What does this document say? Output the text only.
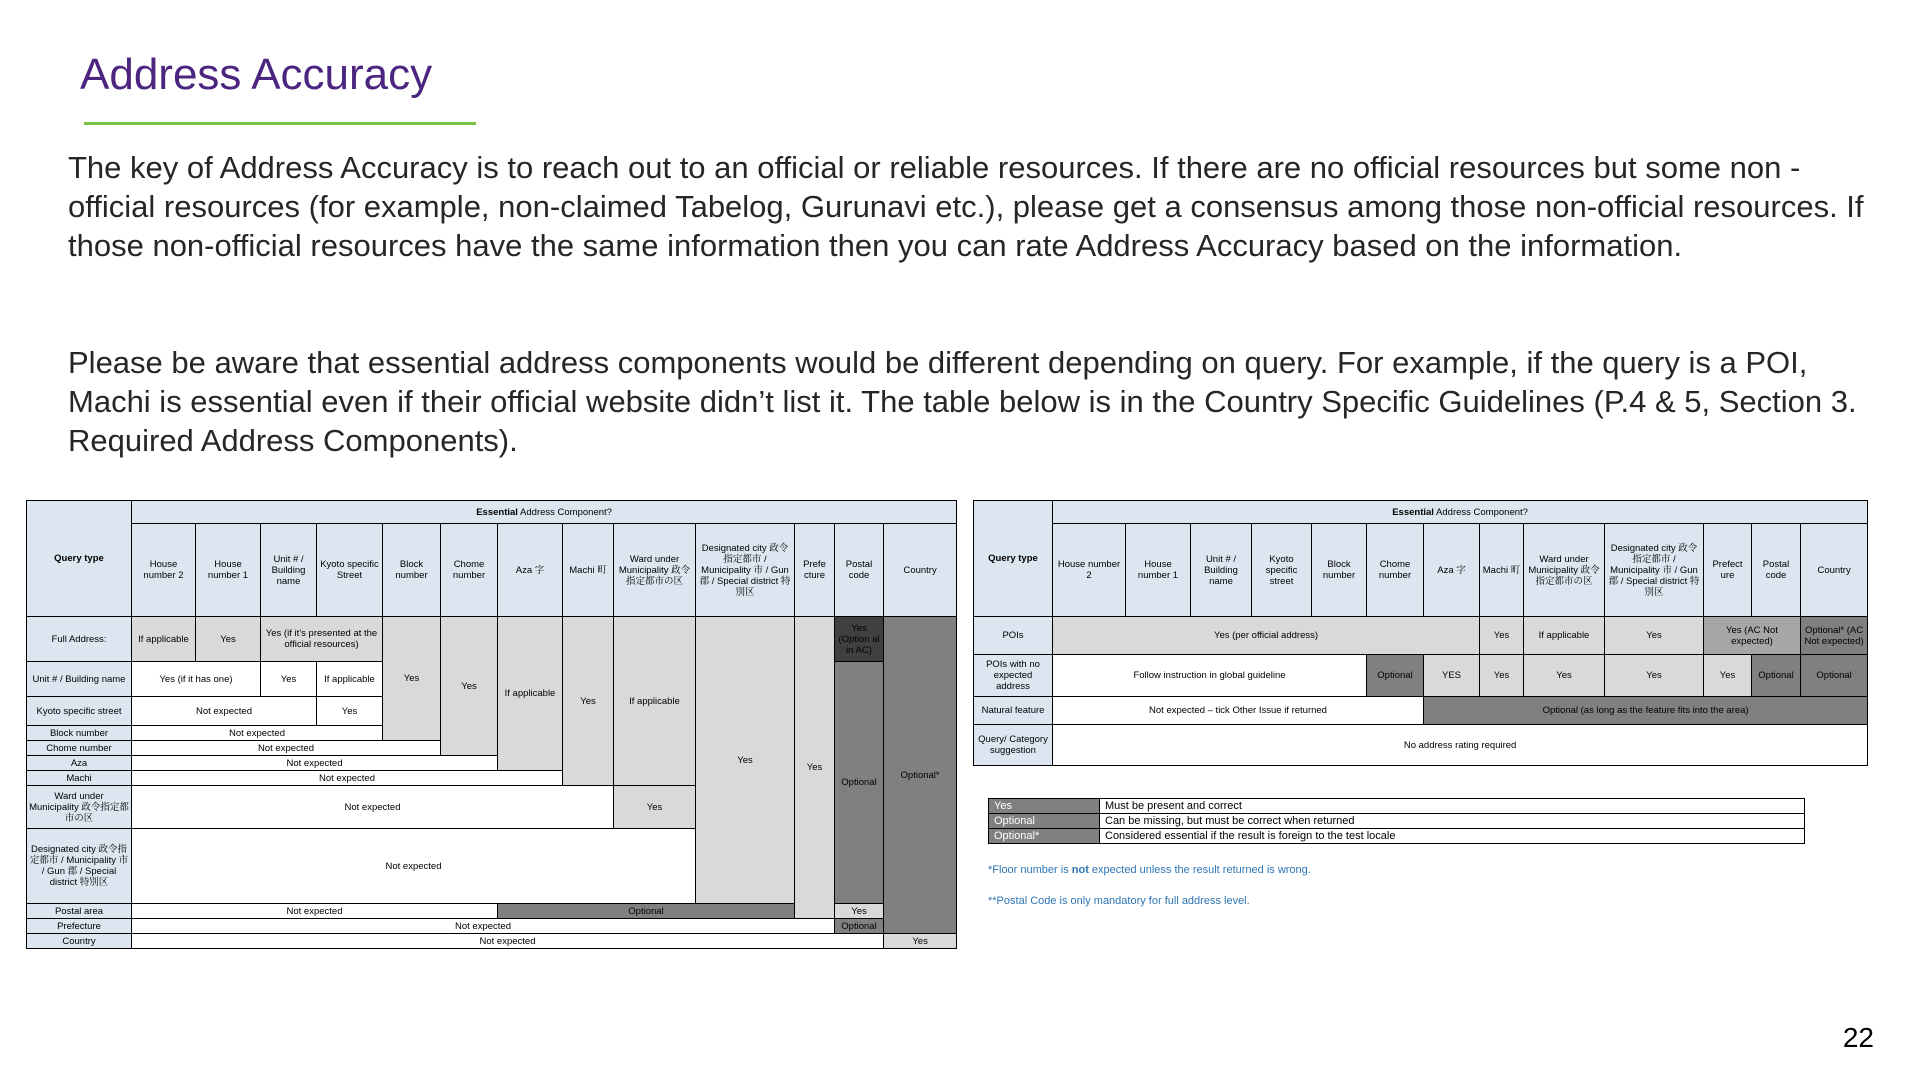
Address Accuracy

The key of Address Accuracy is to reach out to an official or reliable resources. If there are no official resources but some non -official resources (for example, non-claimed Tabelog, Gurunavi etc.), please get a consensus among those non-official resources. If those non-official resources have the same information then you can rate Address Accuracy based on the information.

Please be aware that essential address components would be different depending on query. For example, if the query is a POI, Machi is essential even if their official website didn’t list it. The table below is in the Country Specific Guidelines (P.4 & 5, Section 3. Required Address Components).

Query type	Essential Address Component?													
	House number 2	House number 1	Unit # / Building name	Kyoto specific Street	Block number	Chome number	Aza 字	Machi 町	Ward under Municipality 政令指定都市の区	Designated city 政令指定都市 / Municipality 市 / Gun 郡 / Special district 特別区	Prefe cture	Postal code	Country	
Full Address:	If applicable	Yes	Yes (if it’s presented at the official resources)		Yes	Yes	If applicable	Yes	If applicable	Yes	Yes	Yes (Option al in AC)	Optional*	
Unit # / Building name	Yes (if it has one)		Yes	If applicable								Optional		
Kyoto specific street	Not expected			Yes										
Block number	Not expected													
Chome number	Not expected													
Aza	Not expected	
Machi	Not expected													
Ward under Municipality 政令指定都市の区	Not expected								Yes					
Designated city 政令指定都市 / Municipality 市 / Gun 郡 / Special district 特別区	Not expected													
Postal area	Not expected						Optional					Yes		
Prefecture	Not expected											Optional		
Country	Not expected												Yes	
Query type	Essential Address Component?												
	House number 2	House number 1	Unit # / Building name	Kyoto specific street	Block number	Chome number	Aza 字	Machi 町	Ward under Municipality 政令指定都市の区	Designated city 政令指定都市 / Municipality 市 / Gun 郡 / Special district 特別区	Prefect ure	Postal code	Country
POIs	Yes (per official address)							Yes	If applicable	Yes	Yes (AC Not expected)		Optional* (AC Not expected)
POIs with no expected address	Follow instruction in global guideline					Optional	YES	Yes	Yes	Yes	Yes	Optional	Optional
Natural feature	Not expected – tick Other Issue if returned						Optional (as long as the feature fits into the area)						
Query/ Category suggestion	No address rating required												
Yes	Must be present and correct
Optional	Can be missing, but must be correct when returned
Optional*	Considered essential if the result is foreign to the test locale
*Floor number is not expected unless the result returned is wrong.
**Postal Code is only mandatory for full address level.
22
